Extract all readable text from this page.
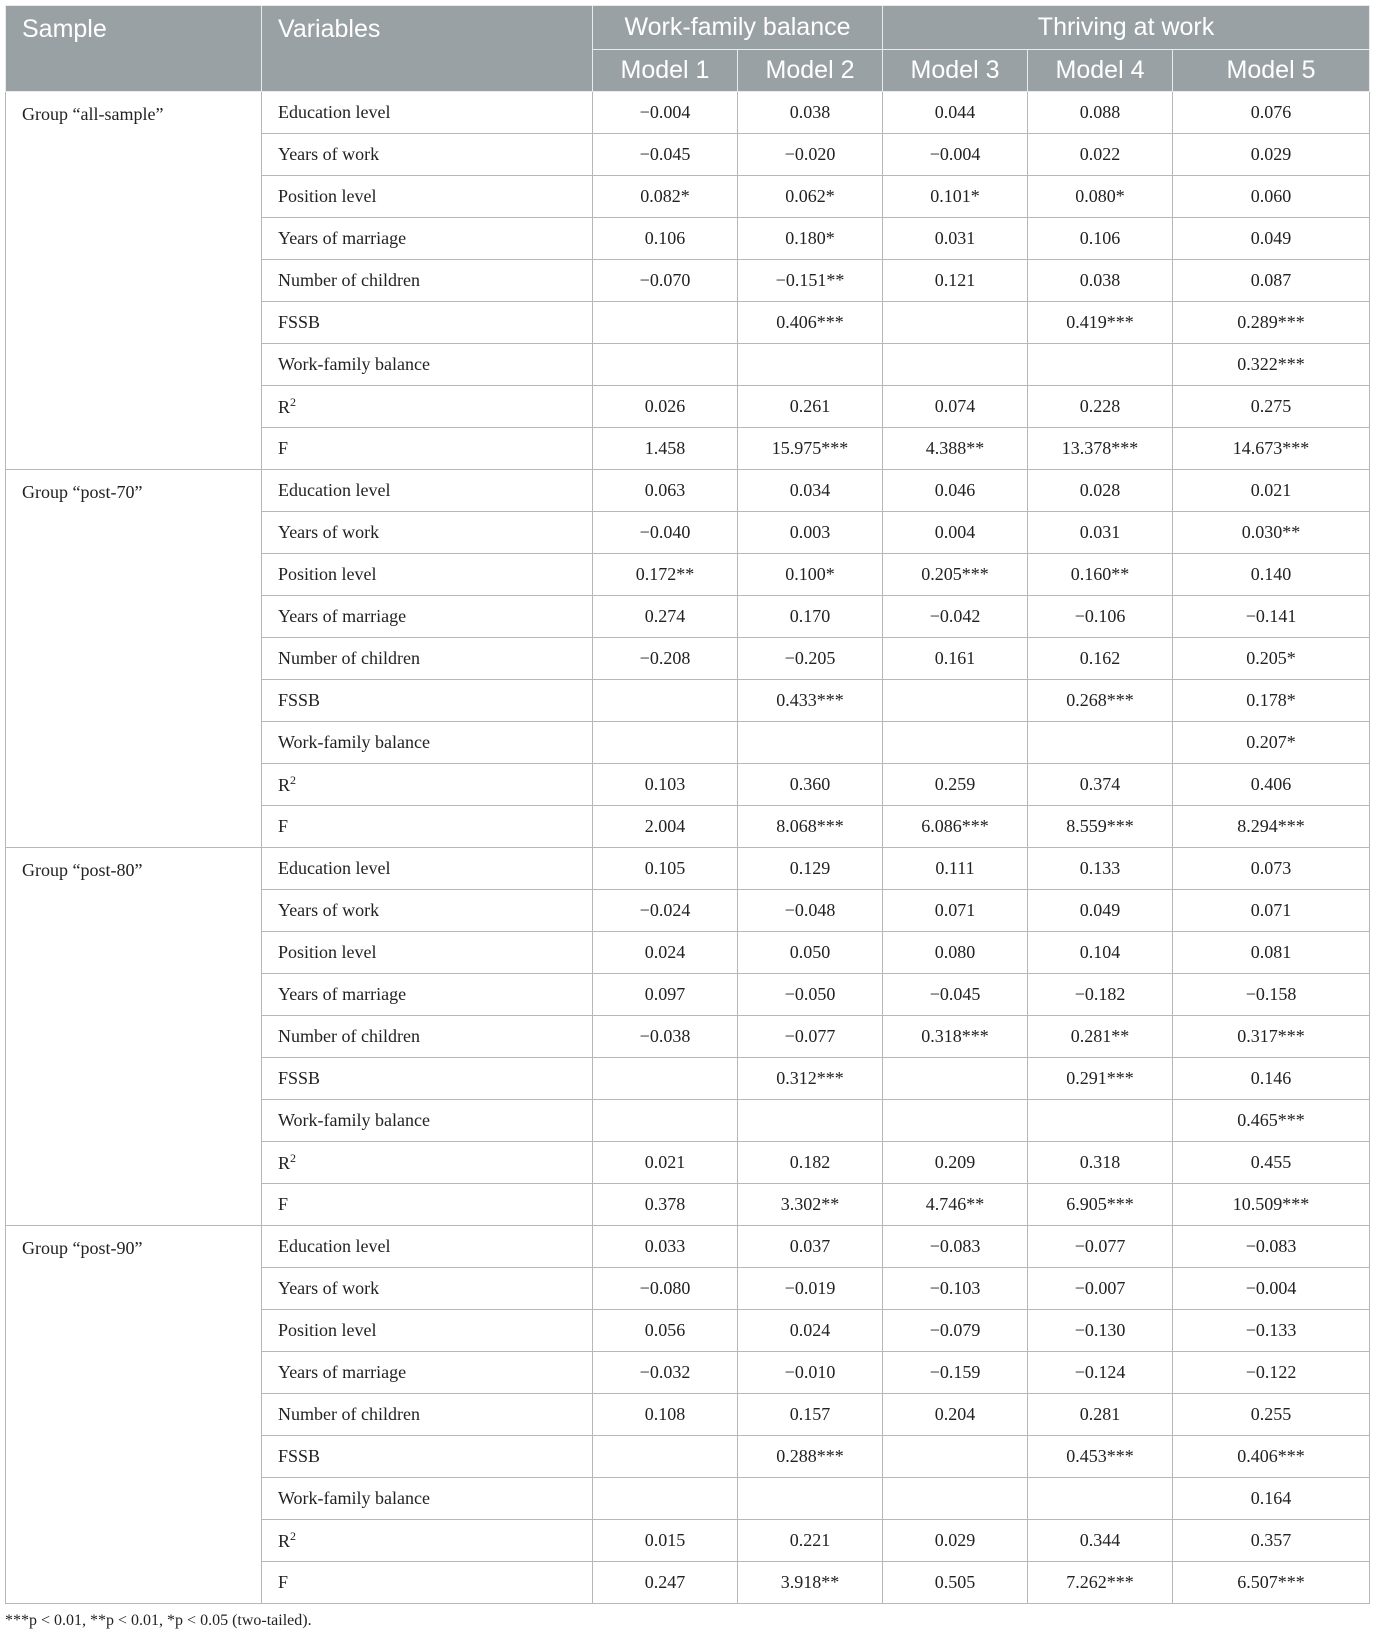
Sample	Variables	Work-family balance		Thriving at work		
		Model 1	Model 2	Model 3	Model 4	Model 5
Group “all-sample”	Education level	−0.004	0.038	0.044	0.088	0.076
	Years of work	−0.045	−0.020	−0.004	0.022	0.029
	Position level	0.082*	0.062*	0.101*	0.080*	0.060
	Years of marriage	0.106	0.180*	0.031	0.106	0.049
	Number of children	−0.070	−0.151**	0.121	0.038	0.087
	FSSB		0.406***		0.419***	0.289***
	Work-family balance					0.322***
	$R^2$	0.026	0.261	0.074	0.228	0.275
	F	1.458	15.975***	4.388**	13.378***	14.673***
Group “post-70”	Education level	0.063	0.034	0.046	0.028	0.021
	Years of work	−0.040	0.003	0.004	0.031	0.030**
	Position level	0.172**	0.100*	0.205***	0.160**	0.140
	Years of marriage	0.274	0.170	−0.042	−0.106	−0.141
	Number of children	−0.208	−0.205	0.161	0.162	0.205*
	FSSB		0.433***		0.268***	0.178*
	Work-family balance					0.207*
	$R^2$	0.103	0.360	0.259	0.374	0.406
	F	2.004	8.068***	6.086***	8.559***	8.294***
Group “post-80”	Education level	0.105	0.129	0.111	0.133	0.073
	Years of work	−0.024	−0.048	0.071	0.049	0.071
	Position level	0.024	0.050	0.080	0.104	0.081
	Years of marriage	0.097	−0.050	−0.045	−0.182	−0.158
	Number of children	−0.038	−0.077	0.318***	0.281**	0.317***
	FSSB		0.312***		0.291***	0.146
	Work-family balance					0.465***
	$R^2$	0.021	0.182	0.209	0.318	0.455
	F	0.378	3.302**	4.746**	6.905***	10.509***
Group “post-90”	Education level	0.033	0.037	−0.083	−0.077	−0.083
	Years of work	−0.080	−0.019	−0.103	−0.007	−0.004
	Position level	0.056	0.024	−0.079	−0.130	−0.133
	Years of marriage	−0.032	−0.010	−0.159	−0.124	−0.122
	Number of children	0.108	0.157	0.204	0.281	0.255
	FSSB		0.288***		0.453***	0.406***
	Work-family balance					0.164
	$R^2$	0.015	0.221	0.029	0.344	0.357
	F	0.247	3.918**	0.505	7.262***	6.507***
***p < 0.01, **p < 0.01, *p < 0.05 (two-tailed).
